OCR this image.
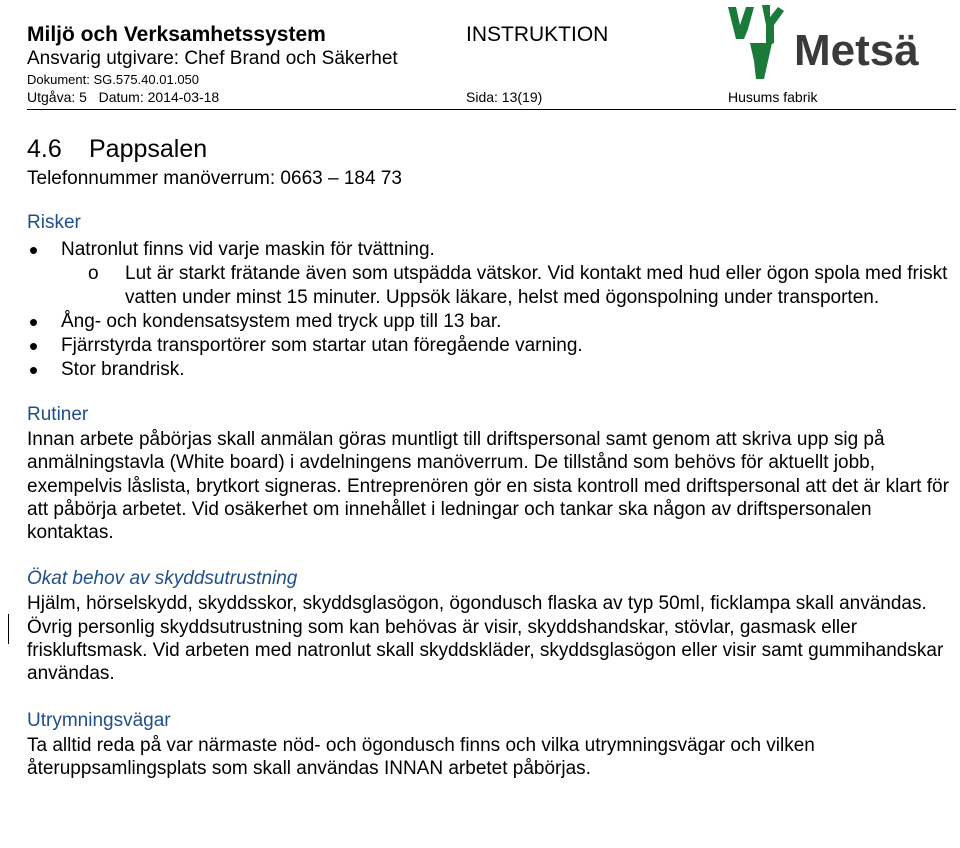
Miljö och Verksamhetssystem	INSTRUKTION
Ansvarig utgivare: Chef Brand och Säkerhet
Dokument: SG.575.40.01.050
Utgåva: 5   Datum: 2014-03-18	Sida: 13(19)	Husums fabrik
Metsä
4.6 Pappsalen
Telefonnummer manöverrum: 0663 – 184 73
Risker
Natronlut finns vid varje maskin för tvättning.
o Lut är starkt frätande även som utspädda vätskor. Vid kontakt med hud eller ögon spola med friskt vatten under minst 15 minuter. Uppsök läkare, helst med ögonspolning under transporten.
Ång- och kondensatsystem med tryck upp till 13 bar.
Fjärrstyrda transportörer som startar utan föregående varning.
Stor brandrisk.
Rutiner
Innan arbete påbörjas skall anmälan göras muntligt till driftspersonal samt genom att skriva upp sig på anmälningstavla (White board) i avdelningens manöverrum. De tillstånd som behövs för aktuellt jobb, exempelvis låslista, brytkort signeras. Entreprenören gör en sista kontroll med driftspersonal att det är klart för att påbörja arbetet. Vid osäkerhet om innehållet i ledningar och tankar ska någon av driftspersonalen kontaktas.
Ökat behov av skyddsutrustning
Hjälm, hörselskydd, skyddsskor, skyddsglasögon, ögondusch flaska av typ 50ml, ficklampa skall användas. Övrig personlig skyddsutrustning som kan behövas är visir, skyddshandskar, stövlar, gasmask eller friskluftsmask. Vid arbeten med natronlut skall skyddskläder, skyddsglasögon eller visir samt gummihandskar användas.
Utrymningsvägar
Ta alltid reda på var närmaste nöd- och ögondusch finns och vilka utrymningsvägar och vilken återuppsamlingsplats som skall användas INNAN arbetet påbörjas.
